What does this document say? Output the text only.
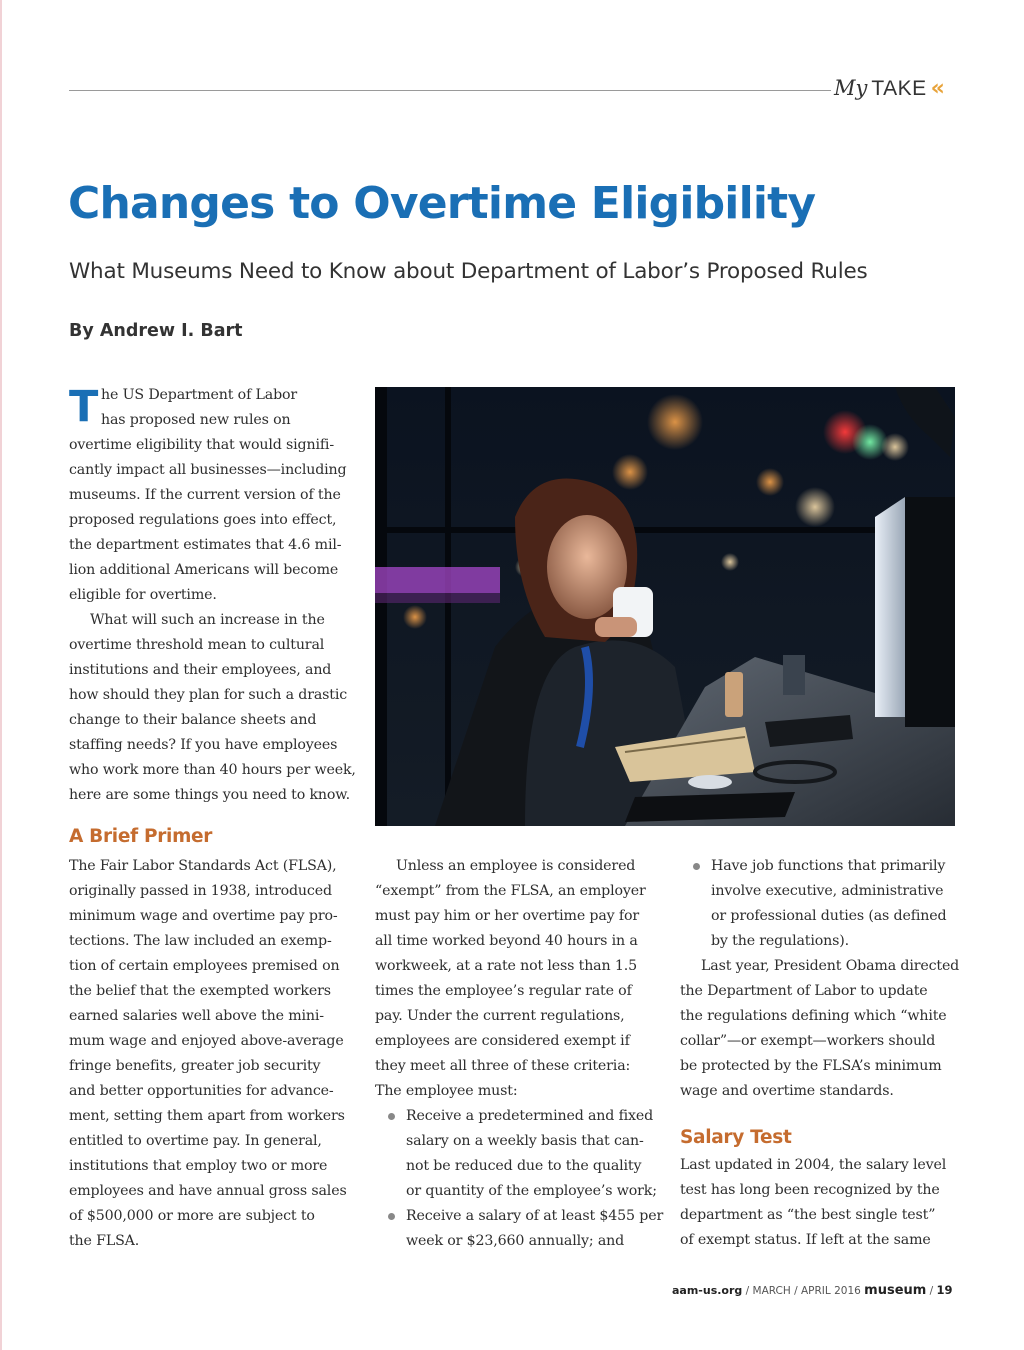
My TAKE «
Changes to Overtime Eligibility
What Museums Need to Know about Department of Labor’s Proposed Rules
By Andrew I. Bart
T he US Department of Labor
has proposed new rules on
overtime eligibility that would signifi-
cantly impact all businesses—including
museums. If the current version of the
proposed regulations goes into effect,
the department estimates that 4.6 mil-
lion additional Americans will become
eligible for overtime.
What will such an increase in the
overtime threshold mean to cultural
institutions and their employees, and
how should they plan for such a drastic
change to their balance sheets and
staffing needs? If you have employees
who work more than 40 hours per week,
here are some things you need to know.
A Brief Primer
The Fair Labor Standards Act (FLSA),
originally passed in 1938, introduced
minimum wage and overtime pay pro-
tections. The law included an exemp-
tion of certain employees premised on
the belief that the exempted workers
earned salaries well above the mini-
mum wage and enjoyed above-average
fringe benefits, greater job security
and better opportunities for advance-
ment, setting them apart from workers
entitled to overtime pay. In general,
institutions that employ two or more
employees and have annual gross sales
of $500,000 or more are subject to
the FLSA.
Unless an employee is considered
“exempt” from the FLSA, an employer
must pay him or her overtime pay for
all time worked beyond 40 hours in a
workweek, at a rate not less than 1.5
times the employee’s regular rate of
pay. Under the current regulations,
employees are considered exempt if
they meet all three of these criteria:
The employee must:
Receive a predetermined and fixed
salary on a weekly basis that can-
not be reduced due to the quality
or quantity of the employee’s work;
Receive a salary of at least $455 per
week or $23,660 annually; and
Have job functions that primarily
involve executive, administrative
or professional duties (as defined
by the regulations).
Last year, President Obama directed
the Department of Labor to update
the regulations defining which “white
collar”—or exempt—workers should
be protected by the FLSA’s minimum
wage and overtime standards.
Salary Test
Last updated in 2004, the salary level
test has long been recognized by the
department as “the best single test”
of exempt status. If left at the same
aam-us.org / MARCH / APRIL 2016 museum / 19
